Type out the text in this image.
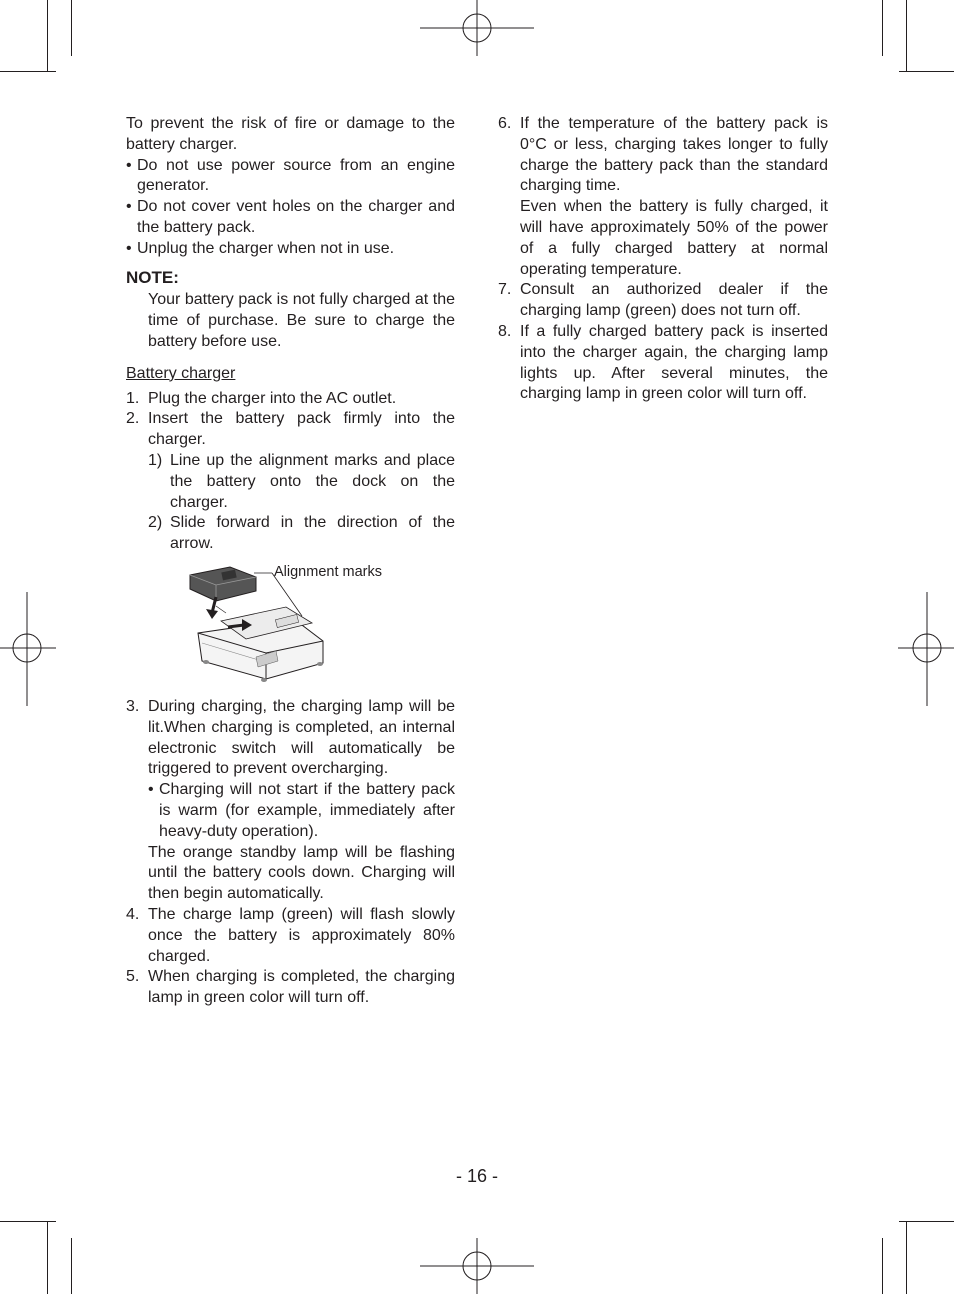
To prevent the risk of fire or damage to the battery charger.
• Do not use power source from an engine generator.
• Do not cover vent holes on the charger and the battery pack.
• Unplug the charger when not in use.
NOTE:
Your battery pack is not fully charged at the time of purchase. Be sure to charge the battery before use.
Battery charger
1. Plug the charger into the AC outlet.
2. Insert the battery pack firmly into the charger.
1) Line up the alignment marks and place the battery onto the dock on the charger.
2) Slide forward in the direction of the arrow.
Alignment marks
3. During charging, the charging lamp will be lit.When charging is completed, an internal electronic switch will automatically be triggered to prevent overcharging.
• Charging will not start if the battery pack is warm (for example, immediately after heavy-duty operation).
The orange standby lamp will be flashing until the battery cools down. Charging will then begin automatically.
4. The charge lamp (green) will flash slowly once the battery is approximately 80% charged.
5. When charging is completed, the charging lamp in green color will turn off.
6. If the temperature of the battery pack is 0°C or less, charging takes longer to fully charge the battery pack than the standard charging time.
Even when the battery is fully charged, it will have approximately 50% of the power of a fully charged battery at normal operating temperature.
7. Consult an authorized dealer if the charging lamp (green) does not turn off.
8. If a fully charged battery pack is inserted into the charger again, the charging lamp lights up. After several minutes, the charging lamp in green color will turn off.
- 16 -
